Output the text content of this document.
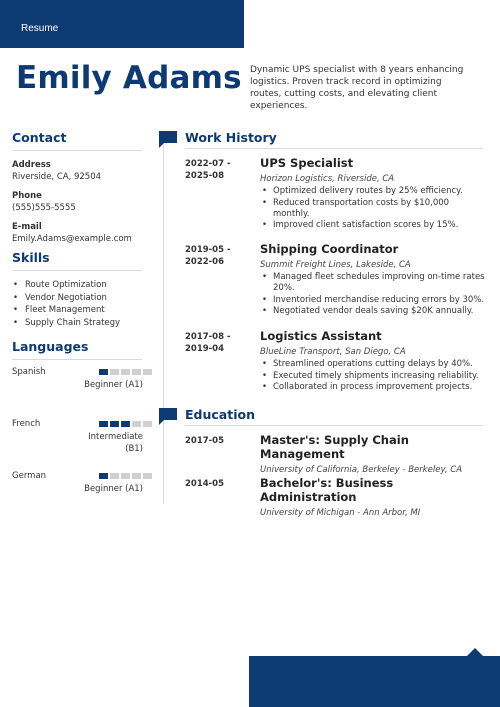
Resume
Emily Adams Dynamic UPS specialist with 8 years enhancing logistics. Proven track record in optimizing routes, cutting costs, and elevating client experiences.
Contact
Address
Riverside, CA, 92504
Phone
(555)555-5555
E-mail
Emily.Adams@example.com
Skills
• Route Optimization
• Vendor Negotiation
• Fleet Management
• Supply Chain Strategy
Languages
Spanish
Beginner (A1)
French
Intermediate (B1)
German
Beginner (A1)
Work History
2022-07 -
2025-08
UPS Specialist
Horizon Logistics, Riverside, CA
• Optimized delivery routes by 25% efficiency.
• Reduced transportation costs by $10,000 monthly.
• Improved client satisfaction scores by 15%.
2019-05 -
2022-06
Shipping Coordinator
Summit Freight Lines, Lakeside, CA
• Managed fleet schedules improving on-time rates 20%.
• Inventoried merchandise reducing errors by 30%.
• Negotiated vendor deals saving $20K annually.
2017-08 -
2019-04
Logistics Assistant
BlueLine Transport, San Diego, CA
• Streamlined operations cutting delays by 40%.
• Executed timely shipments increasing reliability.
• Collaborated in process improvement projects.
Education
2017-05	Master's: Supply Chain Management
University of California, Berkeley - Berkeley, CA
2014-05	Bachelor's: Business Administration
University of Michigan - Ann Arbor, MI
